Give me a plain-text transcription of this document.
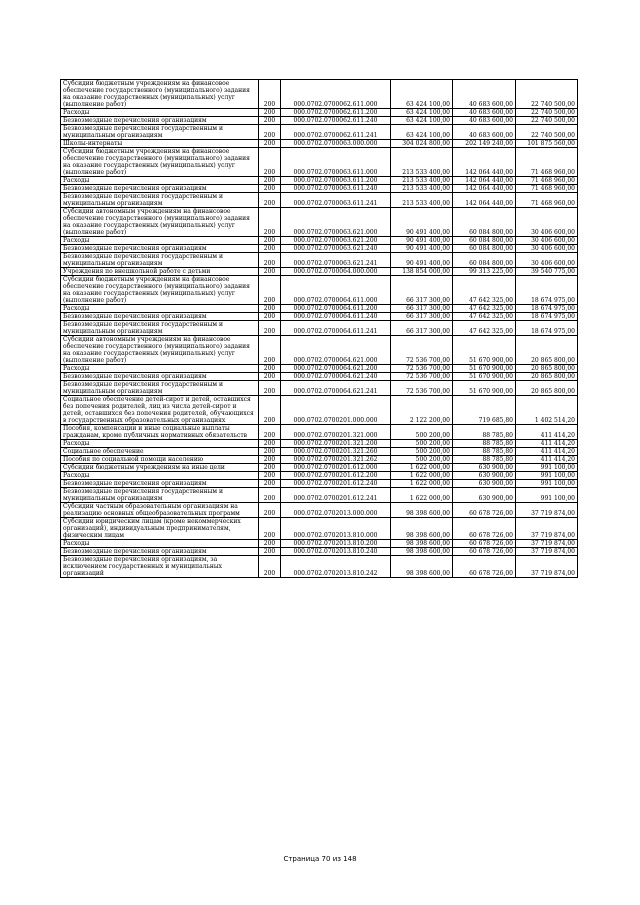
Субсидии бюджетным учреждениям на финансовое обеспечение государственного (муниципального) задания на оказание государственных (муниципальных) услуг (выполнение работ)	200	000.0702.0700062.611.000	63 424 100,00	40 683 600,00	22 740 500,00
Расходы	200	000.0702.0700062.611.200	63 424 100,00	40 683 600,00	22 740 500,00
Безвозмездные перечисления организациям	200	000.0702.0700062.611.240	63 424 100,00	40 683 600,00	22 740 500,00
Безвозмездные перечисления государственным и муниципальным организациям	200	000.0702.0700062.611.241	63 424 100,00	40 683 600,00	22 740 500,00
Школы-интернаты	200	000.0702.0700063.000.000	304 024 800,00	202 149 240,00	101 875 560,00
Субсидии бюджетным учреждениям на финансовое обеспечение государственного (муниципального) задания на оказание государственных (муниципальных) услуг (выполнение работ)	200	000.0702.0700063.611.000	213 533 400,00	142 064 440,00	71 468 960,00
Расходы	200	000.0702.0700063.611.200	213 533 400,00	142 064 440,00	71 468 960,00
Безвозмездные перечисления организациям	200	000.0702.0700063.611.240	213 533 400,00	142 064 440,00	71 468 960,00
Безвозмездные перечисления государственным и муниципальным организациям	200	000.0702.0700063.611.241	213 533 400,00	142 064 440,00	71 468 960,00
Субсидии автономным учреждениям на финансовое обеспечение государственного (муниципального) задания на оказание государственных (муниципальных) услуг (выполнение работ)	200	000.0702.0700063.621.000	90 491 400,00	60 084 800,00	30 406 600,00
Расходы	200	000.0702.0700063.621.200	90 491 400,00	60 084 800,00	30 406 600,00
Безвозмездные перечисления организациям	200	000.0702.0700063.621.240	90 491 400,00	60 084 800,00	30 406 600,00
Безвозмездные перечисления государственным и муниципальным организациям	200	000.0702.0700063.621.241	90 491 400,00	60 084 800,00	30 406 600,00
Учреждения по внешкольной работе с детьми	200	000.0702.0700064.000.000	138 854 000,00	99 313 225,00	39 540 775,00
Субсидии бюджетным учреждениям на финансовое обеспечение государственного (муниципального) задания на оказание государственных (муниципальных) услуг (выполнение работ)	200	000.0702.0700064.611.000	66 317 300,00	47 642 325,00	18 674 975,00
Расходы	200	000.0702.0700064.611.200	66 317 300,00	47 642 325,00	18 674 975,00
Безвозмездные перечисления организациям	200	000.0702.0700064.611.240	66 317 300,00	47 642 325,00	18 674 975,00
Безвозмездные перечисления государственным и муниципальным организациям	200	000.0702.0700064.611.241	66 317 300,00	47 642 325,00	18 674 975,00
Субсидии автономным учреждениям на финансовое обеспечение государственного (муниципального) задания на оказание государственных (муниципальных) услуг (выполнение работ)	200	000.0702.0700064.621.000	72 536 700,00	51 670 900,00	20 865 800,00
Расходы	200	000.0702.0700064.621.200	72 536 700,00	51 670 900,00	20 865 800,00
Безвозмездные перечисления организациям	200	000.0702.0700064.621.240	72 536 700,00	51 670 900,00	20 865 800,00
Безвозмездные перечисления государственным и муниципальным организациям	200	000.0702.0700064.621.241	72 536 700,00	51 670 900,00	20 865 800,00
Социальное обеспечение детей-сирот и детей, оставшихся без попечения родителей, лиц из числа детей-сирот и детей, оставшихся без попечения родителей, обучающихся в государственных образовательных организациях	200	000.0702.0700201.000.000	2 122 200,00	719 685,80	1 402 514,20
Пособия, компенсации и иные социальные выплаты гражданам, кроме публичных нормативных обязательств	200	000.0702.0700201.321.000	500 200,00	88 785,80	411 414,20
Расходы	200	000.0702.0700201.321.200	500 200,00	88 785,80	411 414,20
Социальное обеспечение	200	000.0702.0700201.321.260	500 200,00	88 785,80	411 414,20
Пособия по социальной помощи населению	200	000.0702.0700201.321.262	500 200,00	88 785,80	411 414,20
Субсидии бюджетным учреждениям на иные цели	200	000.0702.0700201.612.000	1 622 000,00	630 900,00	991 100,00
Расходы	200	000.0702.0700201.612.200	1 622 000,00	630 900,00	991 100,00
Безвозмездные перечисления организациям	200	000.0702.0700201.612.240	1 622 000,00	630 900,00	991 100,00
Безвозмездные перечисления государственным и муниципальным организациям	200	000.0702.0700201.612.241	1 622 000,00	630 900,00	991 100,00
Субсидии частным образовательным организациям на реализацию основных общеобразовательных программ	200	000.0702.0702013.000.000	98 398 600,00	60 678 726,00	37 719 874,00
Субсидии юридическим лицам (кроме некоммерческих организаций), индивидуальным предпринимателям, физическим лицам	200	000.0702.0702013.810.000	98 398 600,00	60 678 726,00	37 719 874,00
Расходы	200	000.0702.0702013.810.200	98 398 600,00	60 678 726,00	37 719 874,00
Безвозмездные перечисления организациям	200	000.0702.0702013.810.240	98 398 600,00	60 678 726,00	37 719 874,00
Безвозмездные перечисления организациям, за исключением государственных и муниципальных организаций	200	000.0702.0702013.810.242	98 398 600,00	60 678 726,00	37 719 874,00
Страница 70 из 148
